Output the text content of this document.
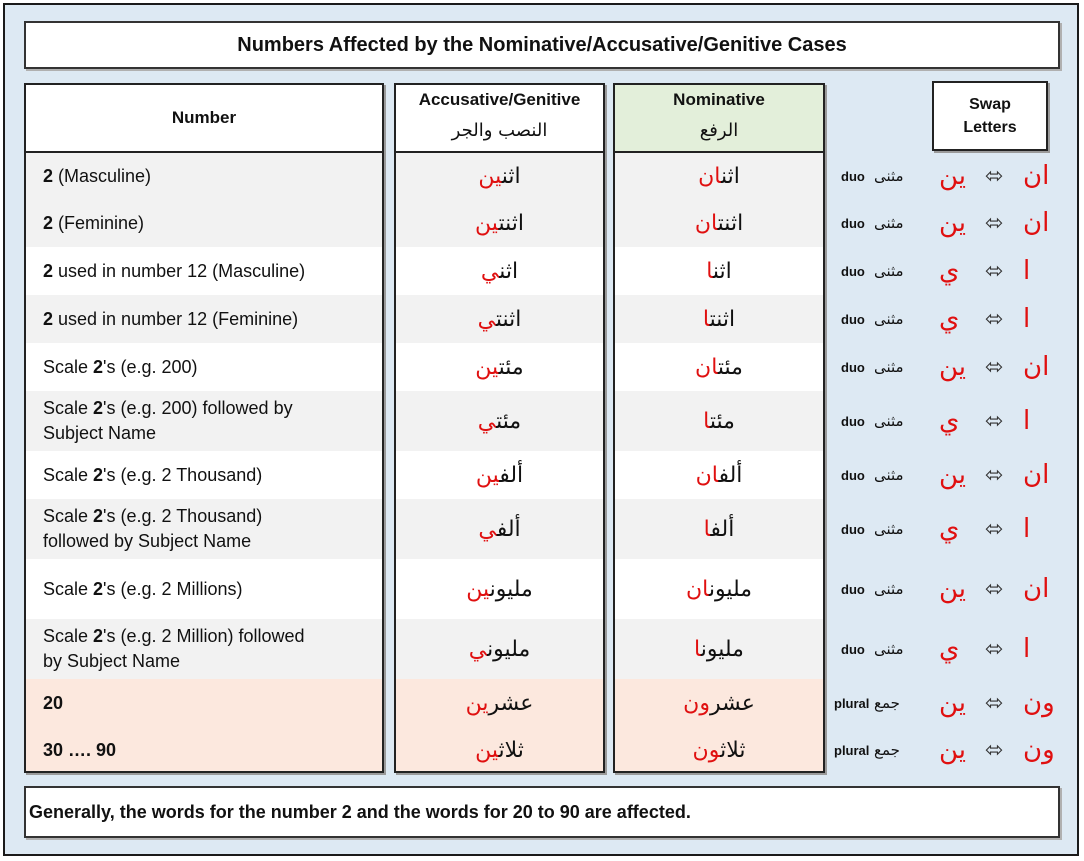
Numbers Affected by the Nominative/Accusative/Genitive Cases
Number
2 (Masculine)
2 (Feminine)
2 used in number 12 (Masculine)
2 used in number 12 (Feminine)
Scale 2's (e.g. 200)
Scale 2's (e.g. 200) followed by
Subject Name
Scale 2's (e.g. 2 Thousand)
Scale 2's (e.g. 2 Thousand)
followed by Subject Name
Scale 2's (e.g. 2 Millions)
Scale 2's (e.g. 2 Million) followed
by Subject Name
20
30 …. 90
Accusative/Genitive
النصب والجر
اثنين
اثنتين
اثني
اثنتي
مئتين
مئتي
ألفين
ألفي
مليونين
مليوني
عشرين
ثلاثين
Nominative
الرفع
اثنان
اثنتان
اثنا
اثنتا
مئتان
مئتا
ألفان
ألفا
مليونان
مليونا
عشرون
ثلاثون
Swap
Letters
duo مثنى ين ⬄ ان
duo مثنى ين ⬄ ان
duo مثنى ي ⬄ ا
duo مثنى ي ⬄ ا
duo مثنى ين ⬄ ان
duo مثنى ي ⬄ ا
duo مثنى ين ⬄ ان
duo مثنى ي ⬄ ا
duo مثنى ين ⬄ ان
duo مثنى ي ⬄ ا
plural جمع ين ⬄ ون
plural جمع ين ⬄ ون
Generally, the words for the number 2 and the words for 20 to 90 are affected.
